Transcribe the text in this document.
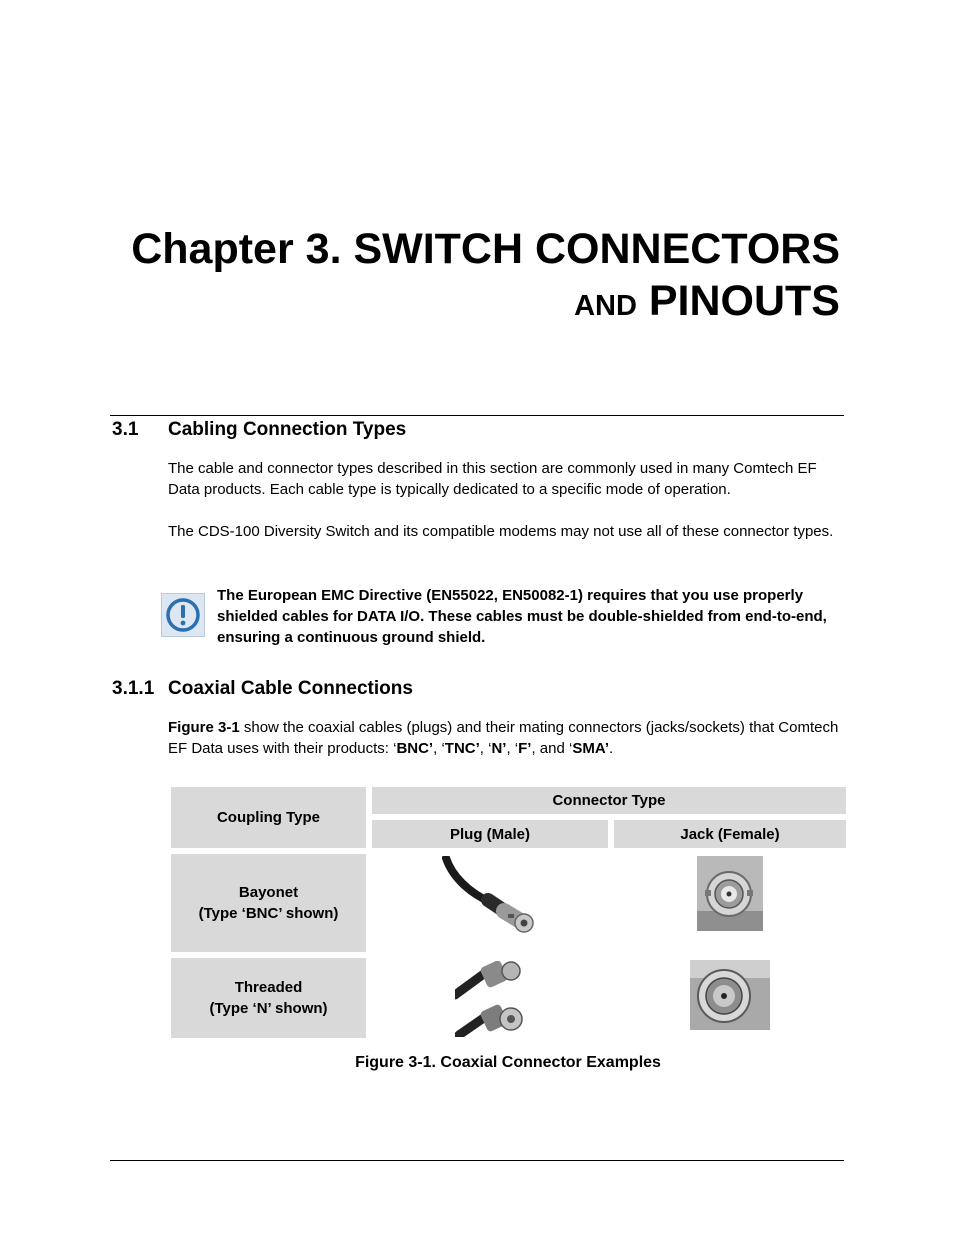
Chapter 3. SWITCH CONNECTORS
AND PINOUTS
3.1 Cabling Connection Types
The cable and connector types described in this section are commonly used in many Comtech EF Data products. Each cable type is typically dedicated to a specific mode of operation.
The CDS-100 Diversity Switch and its compatible modems may not use all of these connector types.
The European EMC Directive (EN55022, EN50082-1) requires that you use properly shielded cables for DATA I/O. These cables must be double-shielded from end-to-end, ensuring a continuous ground shield.
3.1.1 Coaxial Cable Connections
Figure 3-1 show the coaxial cables (plugs) and their mating connectors (jacks/sockets) that Comtech EF Data uses with their products: ‘BNC’, ‘TNC’, ‘N’, ‘F’, and ‘SMA’.
Coupling Type
Connector Type
Plug (Male)	Jack (Female)
Bayonet
(Type ‘BNC’ shown)
Threaded
(Type ‘N’ shown)
Figure 3-1. Coaxial Connector Examples
